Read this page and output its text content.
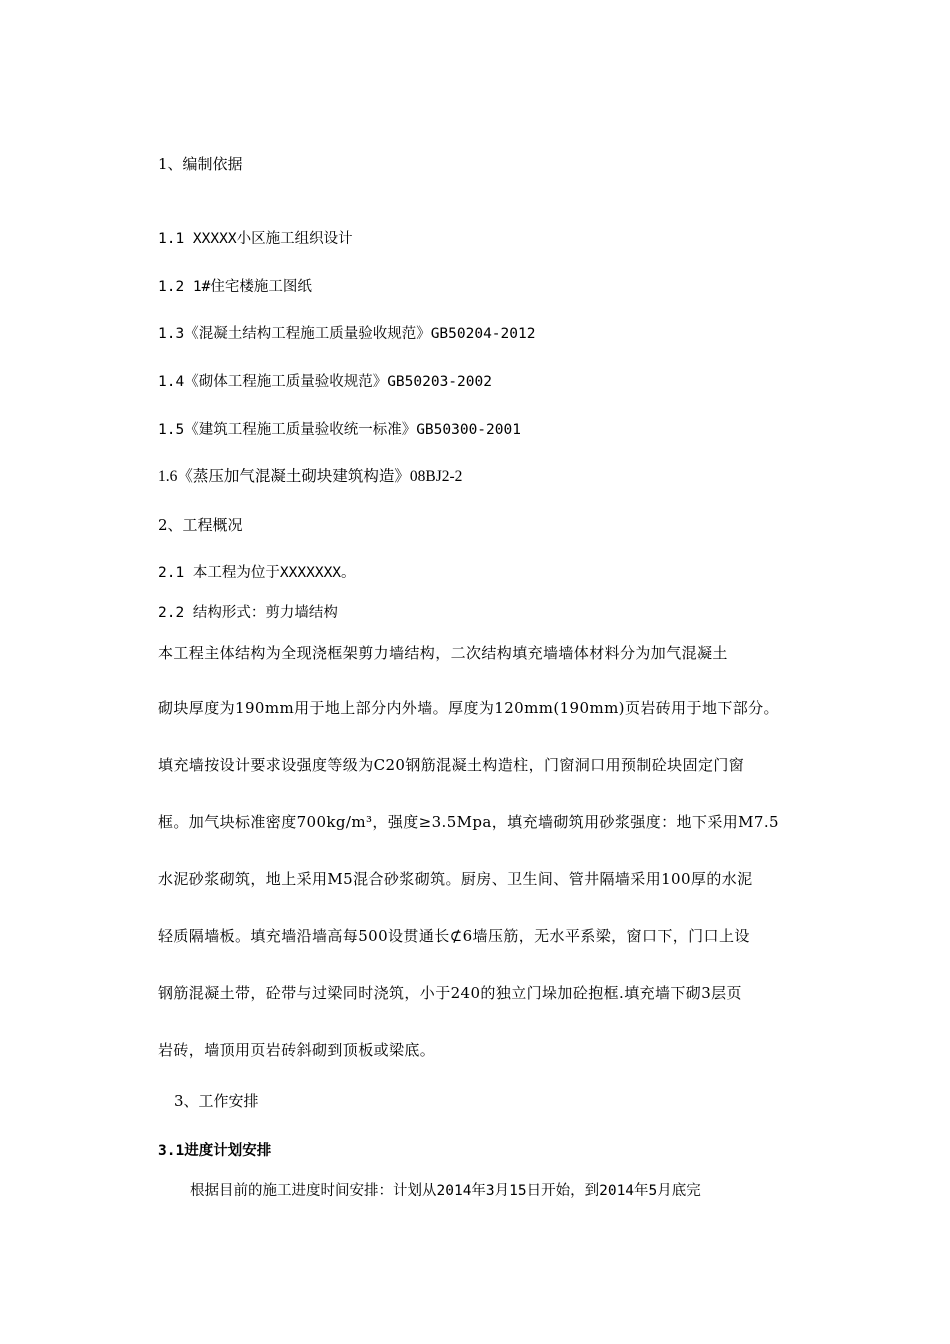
1、编制依据
1.1 XXXXX小区施工组织设计
1.2 1#住宅楼施工图纸
1.3《混凝土结构工程施工质量验收规范》GB50204-2012
1.4《砌体工程施工质量验收规范》GB50203-2002
1.5《建筑工程施工质量验收统一标准》GB50300-2001
1.6《蒸压加气混凝土砌块建筑构造》08BJ2-2
2、工程概况
2.1 本工程为位于XXXXXXX。
2.2 结构形式：剪力墙结构
本工程主体结构为全现浇框架剪力墙结构，二次结构填充墙墙体材料分为加气混凝土
砌块厚度为190mm用于地上部分内外墙。厚度为120mm(190mm)页岩砖用于地下部分。
填充墙按设计要求设强度等级为C20钢筋混凝土构造柱，门窗洞口用预制砼块固定门窗
框。加气块标准密度700kg/m³，强度≥3.5Mpa，填充墙砌筑用砂浆强度：地下采用M7.5
水泥砂浆砌筑，地上采用M5混合砂浆砌筑。厨房、卫生间、管井隔墙采用100厚的水泥
轻质隔墙板。填充墙沿墙高每500设贯通长⊄6墙压筋，无水平系梁，窗口下，门口上设
钢筋混凝土带，砼带与过梁同时浇筑，小于240的独立门垛加砼抱框.填充墙下砌3层页
岩砖，墙顶用页岩砖斜砌到顶板或梁底。
3、工作安排
3.1进度计划安排
根据目前的施工进度时间安排：计划从2014年3月15日开始，到2014年5月底完
